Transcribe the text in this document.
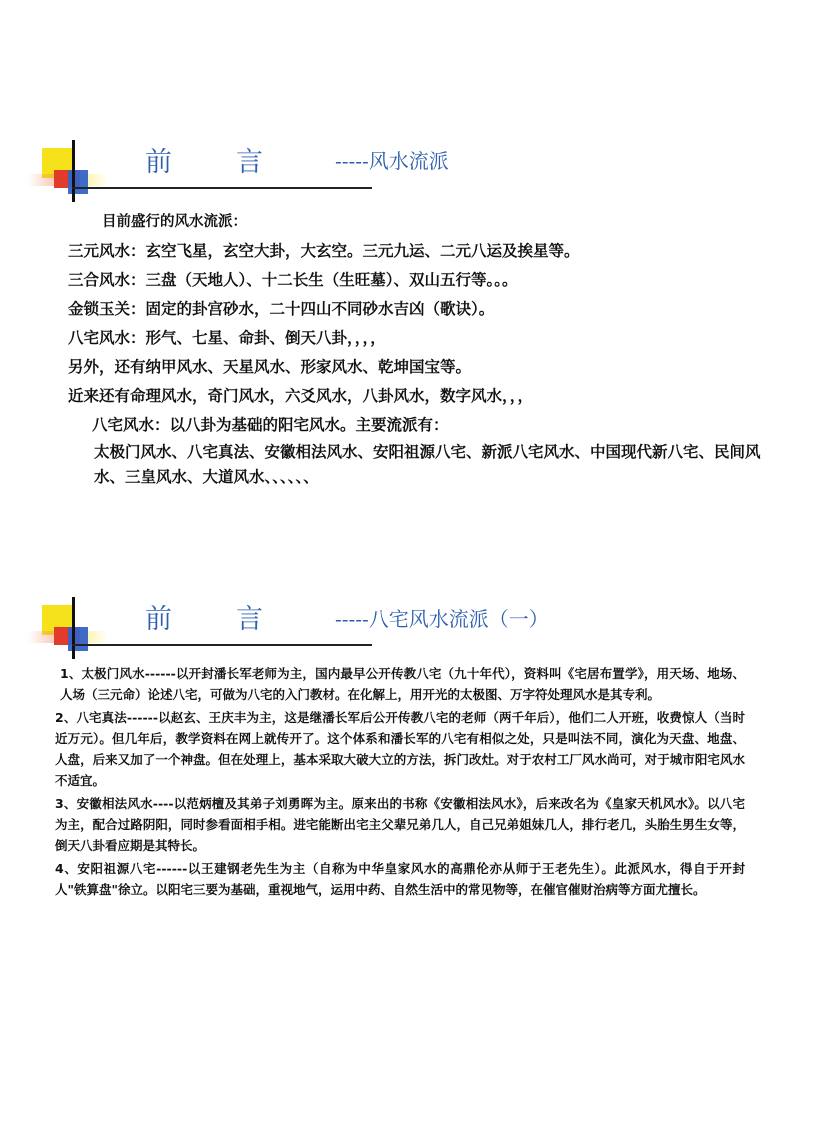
前 言	-----风水流派

目前盛行的风水流派：

三元风水：玄空飞星，玄空大卦，大玄空。三元九运、二元八运及挨星等。

三合风水：三盘（天地人）、十二长生（生旺墓）、双山五行等。。。

金锁玉关：固定的卦宫砂水，二十四山不同砂水吉凶（歌诀）。

八宅风水：形气、七星、命卦、倒天八卦，，，，

另外，还有纳甲风水、天星风水、形家风水、乾坤国宝等。

近来还有命理风水，奇门风水，六爻风水，八卦风水，数字风水，，，

八宅风水：以八卦为基础的阳宅风水。主要流派有：

太极门风水、八宅真法、安徽相法风水、安阳祖源八宅、新派八宅风水、中国现代新八宅、民间风水、三皇风水、大道风水、、、、、、

前 言	-----八宅风水流派（一）

1、太极门风水------以开封潘长军老师为主，国内最早公开传教八宅（九十年代），资料叫《宅居布置学》，用天场、地场、人场（三元命）论述八宅，可做为八宅的入门教材。在化解上，用开光的太极图、万字符处理风水是其专利。

2、八宅真法------以赵玄、王庆丰为主，这是继潘长军后公开传教八宅的老师（两千年后），他们二人开班，收费惊人（当时近万元）。但几年后，教学资料在网上就传开了。这个体系和潘长军的八宅有相似之处，只是叫法不同，演化为天盘、地盘、人盘，后来又加了一个神盘。但在处理上，基本采取大破大立的方法，拆门改灶。对于农村工厂风水尚可，对于城市阳宅风水不适宜。

3、安徽相法风水----以范炳檀及其弟子刘勇晖为主。原来出的书称《安徽相法风水》，后来改名为《皇家天机风水》。以八宅为主，配合过路阴阳，同时参看面相手相。进宅能断出宅主父辈兄弟几人，自己兄弟姐妹几人，排行老几，头胎生男生女等，倒天八卦看应期是其特长。

4、安阳祖源八宅------以王建钢老先生为主（自称为中华皇家风水的高鼎伦亦从师于王老先生）。此派风水，得自于开封人"铁算盘"徐立。以阳宅三要为基础，重视地气，运用中药、自然生活中的常见物等，在催官催财治病等方面尤擅长。
